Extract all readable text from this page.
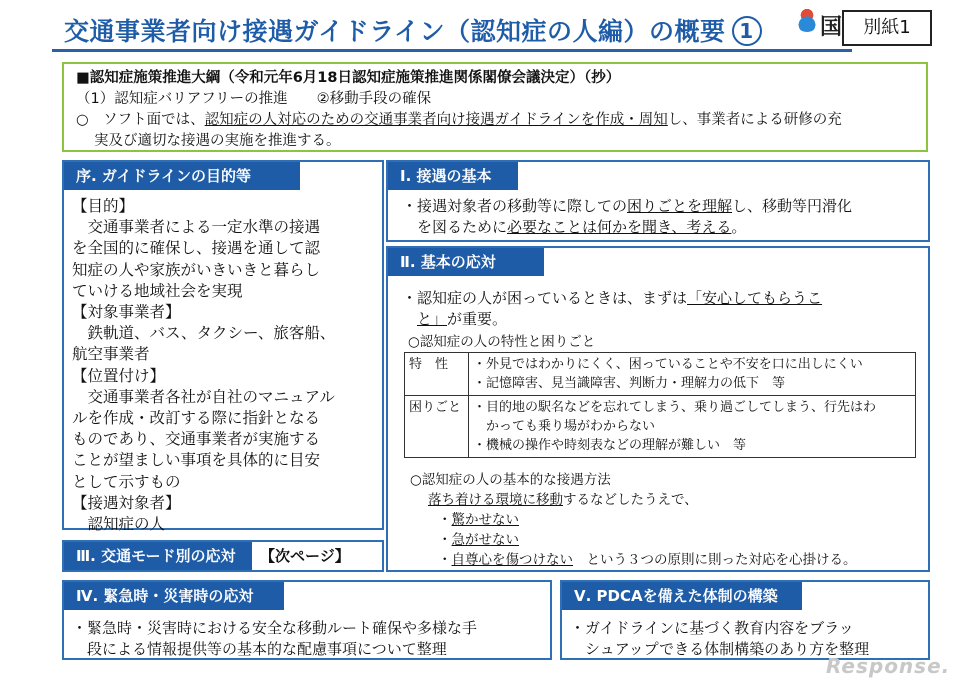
交通事業者向け接遇ガイドライン（認知症の人編）の概要 1	国	別紙1
■認知症施策推進大綱（令和元年6月18日認知症施策推進関係閣僚会議決定）（抄）
（1）認知症バリアフリーの推進　　 ②移動手段の確保
○　ソフト面では、認知症の人対応のための交通事業者向け接遇ガイドラインを作成・周知し、事業者による研修の充
実及び適切な接遇の実施を推進する。
序. ガイドラインの目的等
【目的】
　交通事業者による一定水準の接遇
を全国的に確保し、接遇を通して認
知症の人や家族がいきいきと暮らし
ていける地域社会を実現
【対象事業者】
　鉄軌道、バス、タクシー、旅客船、
航空事業者
【位置付け】
　交通事業者各社が自社のマニュアル
ルを作成・改訂する際に指針となる
ものであり、交通事業者が実施する
ことが望ましい事項を具体的に目安
として示すもの
【接遇対象者】
　認知症の人
Ⅰ. 接遇の基本
・接遇対象者の移動等に際しての困りごとを理解し、移動等円滑化
　を図るために必要なことは何かを聞き、考える。
Ⅱ. 基本の応対
・認知症の人が困っているときは、まずは「安心してもらうこ
　と」が重要。
○認知症の人の特性と困りごと
特　性	・外見ではわかりにくく、困っていることや不安を口に出しにくい
・記憶障害、見当識障害、判断力・理解力の低下　等

困りごと	・目的地の駅名などを忘れてしまう、乗り過ごしてしまう、行先はわ
　かっても乗り場がわからない
・機械の操作や時刻表などの理解が難しい　等
○認知症の人の基本的な接遇方法
落ち着ける環境に移動するなどしたうえで、
・驚かせない
・急がせない
・自尊心を傷つけない　という３つの原則に則った対応を心掛ける。
Ⅲ. 交通モード別の応対	【次ページ】
Ⅳ. 緊急時・災害時の応対
・緊急時・災害時における安全な移動ルート確保や多様な手
　段による情報提供等の基本的な配慮事項について整理
Ⅴ. PDCAを備えた体制の構築
・ガイドラインに基づく教育内容をブラッ
　シュアップできる体制構築のあり方を整理
Response.
